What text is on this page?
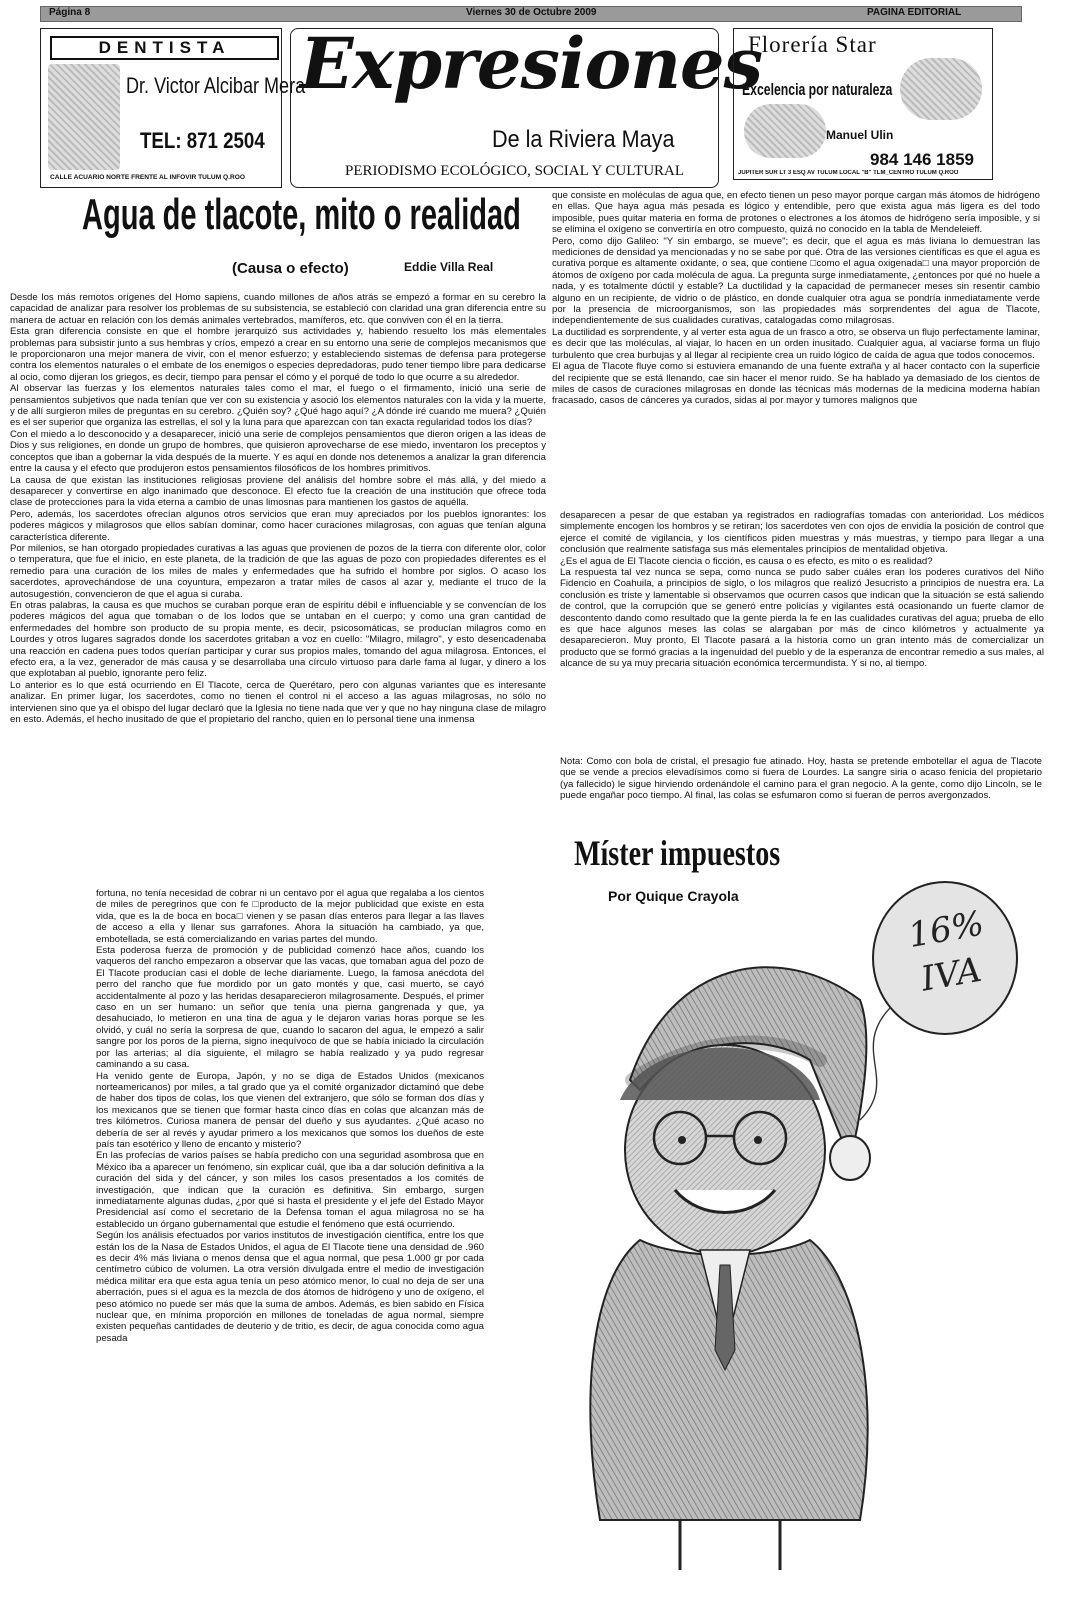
Página 8	Viernes 30 de Octubre 2009	PAGINA EDITORIAL
DENTISTA
Dr. Victor Alcibar Mera
TEL: 871 2504
CALLE ACUARIO NORTE FRENTE AL INFOVIR TULUM Q.ROO
Expresiones
De la Riviera Maya
PERIODISMO ECOLÓGICO, SOCIAL Y CULTURAL
Florería Star
Excelencia por naturaleza
Manuel Ulin
984 146 1859
JUPITER SUR LT 3 ESQ AV TULUM LOCAL "B" TLM_CENTRO TULUM Q.ROO
Agua de tlacote, mito o realidad
(Causa o efecto)	Eddie Villa Real

Desde los más remotos orígenes del Homo sapiens, cuando millones de años atrás se empezó a formar en su cerebro la capacidad de analizar para resolver los problemas de su subsistencia, se estableció con claridad una gran diferencia entre su manera de actuar en relación con los demás animales vertebrados, mamíferos, etc. que conviven con él en la tierra.

Esta gran diferencia consiste en que el hombre jerarquizó sus actividades y, habiendo resuelto los más elementales problemas para subsistir junto a sus hembras y críos, empezó a crear en su entorno una serie de complejos mecanismos que le proporcionaron una mejor manera de vivir, con el menor esfuerzo; y estableciendo sistemas de defensa para protegerse contra los elementos naturales o el embate de los enemigos o especies depredadoras, pudo tener tiempo libre para dedicarse al ocio, como dijeran los griegos, es decir, tiempo para pensar el cómo y el porqué de todo lo que ocurre a su alrededor.

Al observar las fuerzas y los elementos naturales tales como el mar, el fuego o el firmamento, inició una serie de pensamientos subjetivos que nada tenían que ver con su existencia y asoció los elementos naturales con la vida y la muerte, y de allí surgieron miles de preguntas en su cerebro. ¿Quién soy? ¿Qué hago aquí? ¿A dónde iré cuando me muera? ¿Quién es el ser superior que organiza las estrellas, el sol y la luna para que aparezcan con tan exacta regularidad todos los días?

Con el miedo a lo desconocido y a desaparecer, inició una serie de complejos pensamientos que dieron origen a las ideas de Dios y sus religiones, en donde un grupo de hombres, que quisieron aprovecharse de ese miedo, inventaron los preceptos y conceptos que iban a gobernar la vida después de la muerte. Y es aquí en donde nos detenemos a analizar la gran diferencia entre la causa y el efecto que produjeron estos pensamientos filosóficos de los hombres primitivos.

La causa de que existan las instituciones religiosas proviene del análisis del hombre sobre el más allá, y del miedo a desaparecer y convertirse en algo inanimado que desconoce. El efecto fue la creación de una institución que ofrece toda clase de protecciones para la vida eterna a cambio de unas limosnas para mantienen los gastos de aquélla.

Pero, además, los sacerdotes ofrecían algunos otros servicios que eran muy apreciados por los pueblos ignorantes: los poderes mágicos y milagrosos que ellos sabían dominar, como hacer curaciones milagrosas, con aguas que tenían alguna característica diferente.

Por milenios, se han otorgado propiedades curativas a las aguas que provienen de pozos de la tierra con diferente olor, color o temperatura, que fue el inicio, en este planeta, de la tradición de que las aguas de pozo con propiedades diferentes es el remedio para una curación de los miles de males y enfermedades que ha sufrido el hombre por siglos. O acaso los sacerdotes, aprovechándose de una coyuntura, empezaron a tratar miles de casos al azar y, mediante el truco de la autosugestión, convencieron de que el agua si curaba.

En otras palabras, la causa es que muchos se curaban porque eran de espíritu débil e influenciable y se convencían de los poderes mágicos del agua que tomaban o de los lodos que se untaban en el cuerpo; y como una gran cantidad de enfermedades del hombre son producto de su propia mente, es decir, psicosomáticas, se producían milagros como en Lourdes y otros lugares sagrados donde los sacerdotes gritaban a voz en cuello: "Milagro, milagro", y esto desencadenaba una reacción en cadena pues todos querían participar y curar sus propios males, tomando del agua milagrosa. Entonces, el efecto era, a la vez, generador de más causa y se desarrollaba una círculo virtuoso para darle fama al lugar, y dinero a los que explotaban al pueblo, ignorante pero feliz.

Lo anterior es lo que está ocurriendo en El Tlacote, cerca de Querétaro, pero con algunas variantes que es interesante analizar. En primer lugar, los sacerdotes, como no tienen el control ni el acceso a las aguas milagrosas, no sólo no intervienen sino que ya el obispo del lugar declaró que la Iglesia no tiene nada que ver y que no hay ninguna clase de milagro en esto. Además, el hecho inusitado de que el propietario del rancho, quien en lo personal tiene una inmensa

fortuna, no tenía necesidad de cobrar ni un centavo por el agua que regalaba a los cientos de miles de peregrinos que con fe □producto de la mejor publicidad que existe en esta vida, que es la de boca en boca□ vienen y se pasan días enteros para llegar a las llaves de acceso a ella y llenar sus garrafones. Ahora la situación ha cambiado, ya que, embotellada, se está comercializando en varias partes del mundo.

Esta poderosa fuerza de promoción y de publicidad comenzó hace años, cuando los vaqueros del rancho empezaron a observar que las vacas, que tomaban agua del pozo de El Tlacote producían casi el doble de leche diariamente. Luego, la famosa anécdota del perro del rancho que fue mordido por un gato montés y que, casi muerto, se cayó accidentalmente al pozo y las heridas desaparecieron milagrosamente. Después, el primer caso en un ser humano: un señor que tenía una pierna gangrenada y que, ya desahuciado, lo metieron en una tina de agua y le dejaron varias horas porque se les olvidó, y cuál no sería la sorpresa de que, cuando lo sacaron del agua, le empezó a salir sangre por los poros de la pierna, signo inequívoco de que se había iniciado la circulación por las arterias; al día siguiente, el milagro se había realizado y ya pudo regresar caminando a su casa.

Ha venido gente de Europa, Japón, y no se diga de Estados Unidos (mexicanos norteamericanos) por miles, a tal grado que ya el comité organizador dictaminó que debe de haber dos tipos de colas, los que vienen del extranjero, que sólo se forman dos días y los mexicanos que se tienen que formar hasta cinco días en colas que alcanzan más de tres kilómetros. Curiosa manera de pensar del dueño y sus ayudantes. ¿Qué acaso no debería de ser al revés y ayudar primero a los mexicanos que somos los dueños de este país tan esotérico y lleno de encanto y misterio?

En las profecías de varios países se había predicho con una seguridad asombrosa que en México iba a aparecer un fenómeno, sin explicar cuál, que iba a dar solución definitiva a la curación del sida y del cáncer, y son miles los casos presentados a los comités de investigación, que indican que la curación es definitiva. Sin embargo, surgen inmediatamente algunas dudas, ¿por qué si hasta el presidente y el jefe del Estado Mayor Presidencial así como el secretario de la Defensa toman el agua milagrosa no se ha establecido un órgano gubernamental que estudie el fenómeno que está ocurriendo.

Según los análisis efectuados por varios institutos de investigación científica, entre los que están los de la Nasa de Estados Unidos, el agua de El Tlacote tiene una densidad de .960 es decir 4% más liviana o menos densa que el agua normal, que pesa 1.000 gr por cada centímetro cúbico de volumen. La otra versión divulgada entre el medio de investigación médica militar era que esta agua tenía un peso atómico menor, lo cual no deja de ser una aberración, pues si el agua es la mezcla de dos átomos de hidrógeno y uno de oxígeno, el peso atómico no puede ser más que la suma de ambos. Además, es bien sabido en Física nuclear que, en mínima proporción en millones de toneladas de agua normal, siempre existen pequeñas cantidades de deuterio y de tritio, es decir, de agua conocida como agua pesada

que consiste en moléculas de agua que, en efecto tienen un peso mayor porque cargan más átomos de hidrógeno en ellas. Que haya agua más pesada es lógico y entendible, pero que exista agua más ligera es del todo imposible, pues quitar materia en forma de protones o electrones a los átomos de hidrógeno sería imposible, y si se elimina el oxígeno se convertiría en otro compuesto, quizá no conocido en la tabla de Mendeleieff.

Pero, como dijo Galileo: "Y sin embargo, se mueve"; es decir, que el agua es más liviana lo demuestran las mediciones de densidad ya mencionadas y no se sabe por qué. Otra de las versiones científicas es que el agua es curativa porque es altamente oxidante, o sea, que contiene □como el agua oxigenada□ una mayor proporción de átomos de oxígeno por cada molécula de agua. La pregunta surge inmediatamente, ¿entonces por qué no huele a nada, y es totalmente dúctil y estable? La ductilidad y la capacidad de permanecer meses sin resentir cambio alguno en un recipiente, de vidrio o de plástico, en donde cualquier otra agua se pondría inmediatamente verde por la presencia de microorganismos, son las propiedades más sorprendentes del agua de Tlacote, independientemente de sus cualidades curativas, catalogadas como milagrosas.

La ductilidad es sorprendente, y al verter esta agua de un frasco a otro, se observa un flujo perfectamente laminar, es decir que las moléculas, al viajar, lo hacen en un orden inusitado. Cualquier agua, al vaciarse forma un flujo turbulento que crea burbujas y al llegar al recipiente crea un ruido lógico de caída de agua que todos conocemos.

El agua de Tlacote fluye como si estuviera emanando de una fuente extraña y al hacer contacto con la superficie del recipiente que se está llenando, cae sin hacer el menor ruido. Se ha hablado ya demasiado de los cientos de miles de casos de curaciones milagrosas en donde las técnicas más modernas de la medicina moderna habían fracasado, casos de cánceres ya curados, sidas al por mayor y tumores malignos que

desaparecen a pesar de que estaban ya registrados en radiografías tomadas con anterioridad. Los médicos simplemente encogen los hombros y se retiran; los sacerdotes ven con ojos de envidia la posición de control que ejerce el comité de vigilancia, y los científicos piden muestras y más muestras, y tiempo para llegar a una conclusión que realmente satisfaga sus más elementales principios de mentalidad objetiva.

¿Es el agua de El Tlacote ciencia o ficción, es causa o es efecto, es mito o es realidad?

La respuesta tal vez nunca se sepa, como nunca se pudo saber cuáles eran los poderes curativos del Niño Fidencio en Coahuila, a principios de siglo, o los milagros que realizó Jesucristo a principios de nuestra era. La conclusión es triste y lamentable si observamos que ocurren casos que indican que la situación se está saliendo de control, que la corrupción que se generó entre policías y vigilantes está ocasionando un fuerte clamor de descontento dando como resultado que la gente pierda la fe en las cualidades curativas del agua; prueba de ello es que hace algunos meses las colas se alargaban por más de cinco kilómetros y actualmente ya desaparecieron. Muy pronto, El Tlacote pasará a la historia como un gran intento más de comercializar un producto que se formó gracias a la ingenuidad del pueblo y de la esperanza de encontrar remedio a sus males, al alcance de su ya muy precaria situación económica tercermundista. Y si no, al tiempo.

Nota: Como con bola de cristal, el presagio fue atinado. Hoy, hasta se pretende embotellar el agua de Tlacote que se vende a precios elevadísimos como si fuera de Lourdes. La sangre siria o acaso fenicia del propietario (ya fallecido) le sigue hirviendo ordenándole el camino para el gran negocio. A la gente, como dijo Lincoln, se le puede engañar poco tiempo. Al final, las colas se esfumaron como si fueran de perros avergonzados.

Míster impuestos
Por Quique Crayola
16%
IVA
